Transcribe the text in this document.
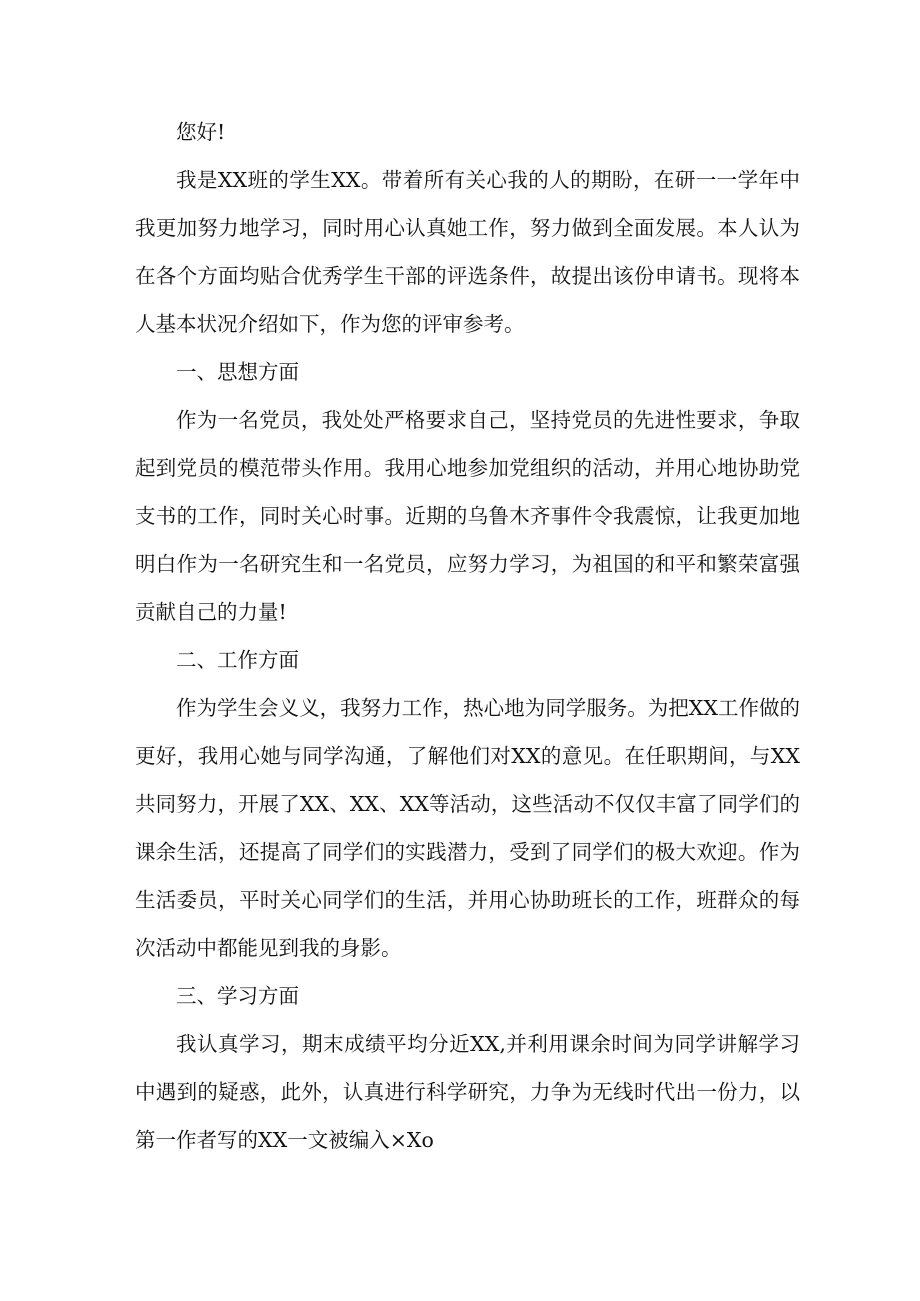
您好!

我是XX班的学生XX。带着所有关心我的人的期盼，在研一一学年中我更加努力地学习，同时用心认真她工作，努力做到全面发展。本人认为在各个方面均贴合优秀学生干部的评选条件，故提出该份申请书。现将本人基本状况介绍如下，作为您的评审参考。

一、思想方面

作为一名党员，我处处严格要求自己，坚持党员的先进性要求，争取起到党员的模范带头作用。我用心地参加党组织的活动，并用心地协助党支书的工作，同时关心时事。近期的乌鲁木齐事件令我震惊，让我更加地明白作为一名研究生和一名党员，应努力学习，为祖国的和平和繁荣富强贡献自己的力量!

二、工作方面

作为学生会义义，我努力工作，热心地为同学服务。为把XX工作做的更好，我用心她与同学沟通，了解他们对XX的意见。在任职期间，与XX共同努力，开展了XX、XX、XX等活动，这些活动不仅仅丰富了同学们的课余生活，还提高了同学们的实践潜力，受到了同学们的极大欢迎。作为生活委员，平时关心同学们的生活，并用心协助班长的工作，班群众的每次活动中都能见到我的身影。

三、学习方面

我认真学习，期末成绩平均分近XX,并利用课余时间为同学讲解学习中遇到的疑惑，此外，认真进行科学研究，力争为无线时代出一份力，以第一作者写的XX一文被编入×Xo
